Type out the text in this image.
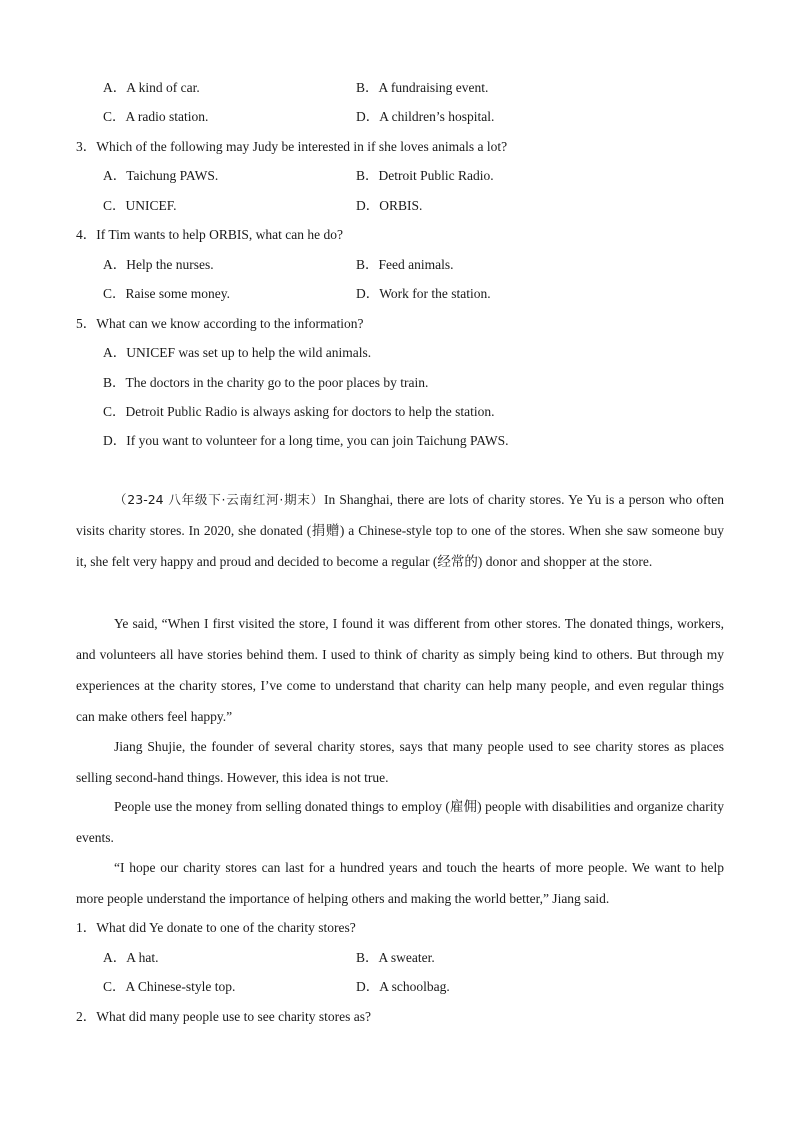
A．A kind of car.	B．A fundraising event.
C．A radio station.	D．A children’s hospital.
3．Which of the following may Judy be interested in if she loves animals a lot?
A．Taichung PAWS.	B．Detroit Public Radio.
C．UNICEF.	D．ORBIS.
4．If Tim wants to help ORBIS, what can he do?
A．Help the nurses.	B．Feed animals.
C．Raise some money.	D．Work for the station.
5．What can we know according to the information?
A．UNICEF was set up to help the wild animals.
B．The doctors in the charity go to the poor places by train.
C．Detroit Public Radio is always asking for doctors to help the station.
D．If you want to volunteer for a long time, you can join Taichung PAWS.
（23-24 八年级下·云南红河·期末）In Shanghai, there are lots of charity stores. Ye Yu is a person who often visits charity stores. In 2020, she donated (捐赠) a Chinese-style top to one of the stores. When she saw someone buy it, she felt very happy and proud and decided to become a regular (经常的) donor and shopper at the store.
Ye said, “When I first visited the store, I found it was different from other stores. The donated things, workers, and volunteers all have stories behind them. I used to think of charity as simply being kind to others. But through my experiences at the charity stores, I’ve come to understand that charity can help many people, and even regular things can make others feel happy.”
Jiang Shujie, the founder of several charity stores, says that many people used to see charity stores as places selling second-hand things. However, this idea is not true.
People use the money from selling donated things to employ (雇佣) people with disabilities and organize charity events.
“I hope our charity stores can last for a hundred years and touch the hearts of more people. We want to help more people understand the importance of helping others and making the world better,” Jiang said.
1．What did Ye donate to one of the charity stores?
A．A hat.	B．A sweater.
C．A Chinese-style top.	D．A schoolbag.
2．What did many people use to see charity stores as?
